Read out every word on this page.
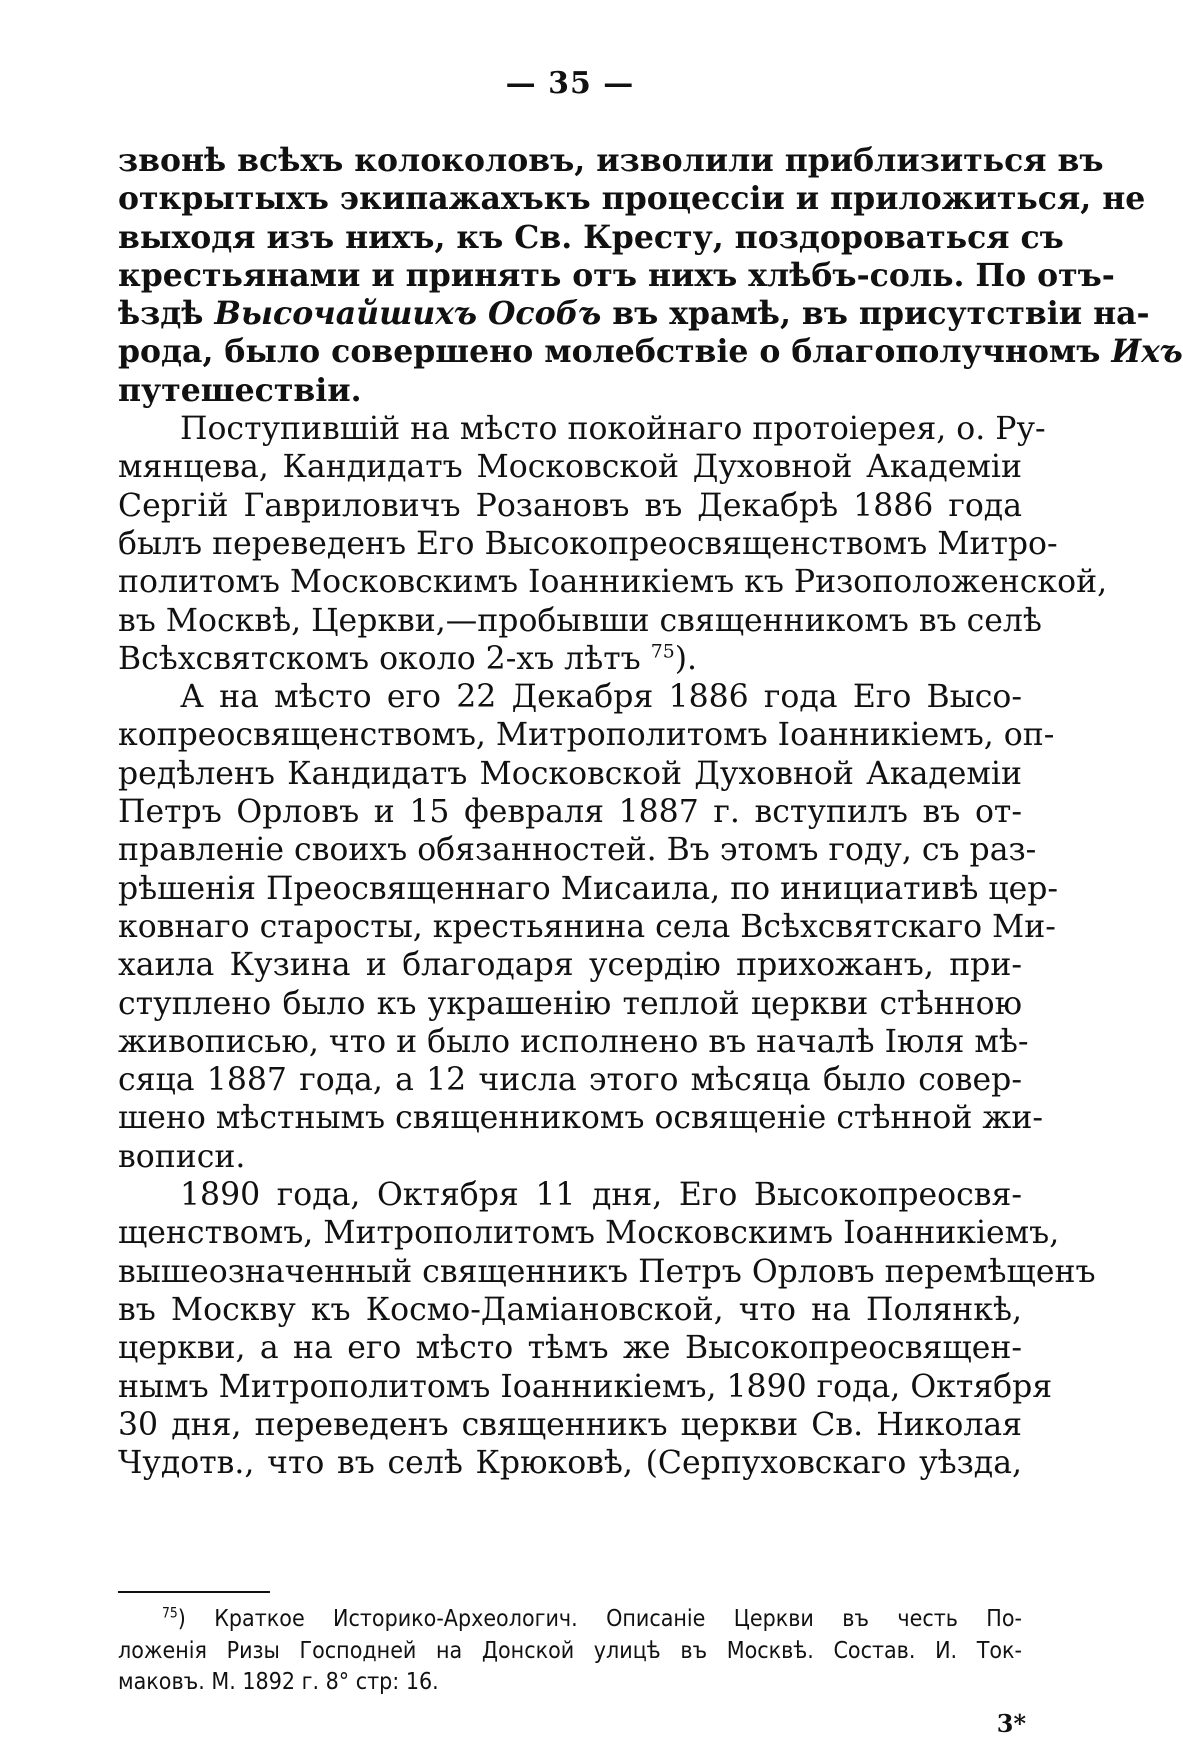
— 35 —
звонѣ всѣхъ колоколовъ, изволили приблизиться въ
открытыхъ экипажахъкъ процессіи и приложиться, не
выходя изъ нихъ, къ Св. Кресту, поздороваться съ
крестьянами и принять отъ нихъ хлѣбъ-соль. По отъ-
ѣздѣ Высочайшихъ Особъ въ храмѣ, въ присутствіи на-
рода, было совершено молебствіе о благополучномъ Ихъ
путешествіи.
Поступившій на мѣсто покойнаго протоіерея, о. Ру-
мянцева, Кандидатъ Московской Духовной Академіи
Сергій Гавриловичъ Розановъ въ Декабрѣ 1886 года
былъ переведенъ Его Высокопреосвященствомъ Митро-
политомъ Московскимъ Іоанникіемъ къ Ризоположенской,
въ Москвѣ, Церкви,—пробывши священникомъ въ селѣ
Всѣхсвятскомъ около 2-хъ лѣтъ $^{75}$).
А на мѣсто его 22 Декабря 1886 года Его Высо-
копреосвященствомъ, Митрополитомъ Іоанникіемъ, оп-
редѣленъ Кандидатъ Московской Духовной Академіи
Петръ Орловъ и 15 февраля 1887 г. вступилъ въ от-
правленіе своихъ обязанностей. Въ этомъ году, съ раз-
рѣшенія Преосвященнаго Мисаила, по инициативѣ цер-
ковнаго старосты, крестьянина села Всѣхсвятскаго Ми-
хаила Кузина и благодаря усердію прихожанъ, при-
ступлено было къ украшенію теплой церкви стѣнною
живописью, что и было исполнено въ началѣ Іюля мѣ-
сяца 1887 года, а 12 числа этого мѣсяца было совер-
шено мѣстнымъ священникомъ освященіе стѣнной жи-
вописи.
1890 года, Октября 11 дня, Его Высокопреосвя-
щенствомъ, Митрополитомъ Московскимъ Іоанникіемъ,
вышеозначенный священникъ Петръ Орловъ перемѣщенъ
въ Москву къ Космо-Даміановской, что на Полянкѣ,
церкви, а на его мѣсто тѣмъ же Высокопреосвящен-
нымъ Митрополитомъ Іоанникіемъ, 1890 года, Октября
30 дня, переведенъ священникъ церкви Св. Николая
Чудотв., что въ селѣ Крюковѣ, (Серпуховскаго уѣзда,
$^{75}$) Краткое Историко-Археологич. Описаніе Церкви въ честь По-
ложенія Ризы Господней на Донской улицѣ въ Москвѣ. Состав. И. Ток-
маковъ. М. 1892 г. 8° стр: 16.
3*
